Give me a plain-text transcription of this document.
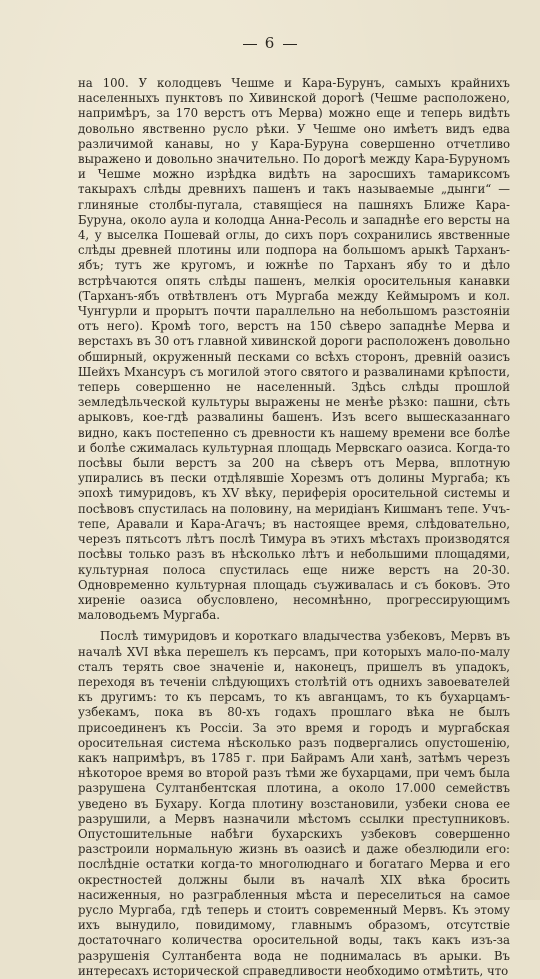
6

на 100. У колодцевъ Чешме и Кара-Бурунъ, самыхъ крайнихъ населенныхъ пунктовъ по Хивинской дорогѣ (Чешме расположено, напримѣръ, за 170 верстъ отъ Мерва) можно еще и теперь видѣть довольно явственно русло рѣки. У Чешме оно имѣетъ видъ едва различимой канавы, но у Кара-Буруна совершенно отчетливо выражено и довольно значительно. По дорогѣ между Кара-Бурунoмъ и Чешме можно изрѣдка видѣть на заросшихъ тамариксомъ такырахъ слѣды древнихъ пашенъ и такъ называемые „дынги“ — глиняные столбы-пугала, ставящіеся на пашняхъ Ближе Кара-Буруна, около аула и колодца Анна-Ресоль и западнѣе его версты на 4, у выселка Пошевай оглы, до сихъ поръ сохранились явственные слѣды древней плотины или подпора на большомъ арыкѣ Тарханъ-ябъ; тутъ же кругомъ, и южнѣе по Тарханъ ябу то и дѣло встрѣчаются опять слѣды пашенъ, мелкія оросительныя канавки (Тарханъ-ябъ отвѣтвленъ отъ Мургаба между Кеймыромъ и кол. Чунгурли и прорытъ почти параллельно на небольшомъ разстояніи отъ него). Кромѣ того, верстъ на 150 сѣверо западнѣе Мерва и верстахъ въ 30 отъ главной хивинской дороги расположенъ довольно обширный, окруженный песками со всѣхъ сторонъ, древній оазисъ Шейхъ Мханcуръ съ могилой этого святого и развалинами крѣпости, теперь совершенно не населенный. Здѣсь слѣды прошлой земледѣльческой культуры выражены не менѣе рѣзко: пашни, сѣть арыковъ, кое-гдѣ развалины башенъ. Изъ всего вышесказаннаго видно, какъ постепенно съ древности къ нашему времени все болѣе и болѣе сжималась культурная площадь Мервскаго оазиса. Когда-то посѣвы были верстъ за 200 на сѣверъ отъ Мерва, вплотную упирались въ пески отдѣлявшіе Хорезмъ отъ долины Мургаба; къ эпохѣ тимуридовъ, къ XV вѣку, периферія оросительной системы и посѣвовъ спустилась на половину, на меридіанъ Кишманъ тепе. Учъ-тепе, Аравали и Кара-Агачъ; въ настоящее время, слѣдовательно, черезъ пятьсотъ лѣтъ послѣ Тимура въ этихъ мѣстахъ производятся посѣвы только разъ въ нѣсколько лѣтъ и небольшими площадями, культурная полоса спустилась еще ниже верстъ на 20-30. Одновременно культурная площадь съуживалась и съ боковъ. Это хиреніе оазиса обусловлено, несомнѣнно, прогрессирующимъ маловодьемъ Мургаба.

Послѣ тимуридовъ и короткаго владычества узбековъ, Мервъ въ началѣ XVI вѣка перешелъ къ персамъ, при которыхъ мало-по-малу сталъ терять свое значеніе и, наконецъ, пришелъ въ упадокъ, переходя въ теченіи слѣдующихъ столѣтій отъ однихъ завоевателей къ другимъ: то къ персамъ, то къ авганцамъ, то къ бухарцамъ-узбекамъ, пока въ 80-хъ годахъ прошлаго вѣка не былъ присоединенъ къ Россіи. За это время и городъ и мургабская оросительная система нѣсколько разъ подвергались опустошенію, какъ напримѣръ, въ 1785 г. при Байрамъ Али ханѣ, затѣмъ черезъ нѣкоторое время во второй разъ тѣми же бухарцами, при чемъ была разрушена Султанбентская плотина, а около 17.000 семействъ уведено въ Бухару. Когда плотину возстановили, узбеки снова ее разрушили, а Мервъ назначили мѣстомъ ссылки преступниковъ. Опустошительные набѣги бухарскихъ узбековъ совершенно разстроили нормальную жизнь въ оазисѣ и даже обезлюдили его: послѣдніе остатки когда-то многолюднаго и богатаго Мерва и его окрестностей должны были въ началѣ XIX вѣка бросить насиженныя, но разграбленныя мѣста и переселиться на самое русло Мургаба, гдѣ теперь и стоитъ современный Мервъ. Къ этому ихъ вынудило, повидимому, главнымъ образомъ, отсутствіе достаточнаго количества оросительной воды, такъ какъ изъ-за разрушенія Султанбента вода не поднималась въ арыки. Въ интересахъ исторической справедливости необходимо отмѣтить, что
